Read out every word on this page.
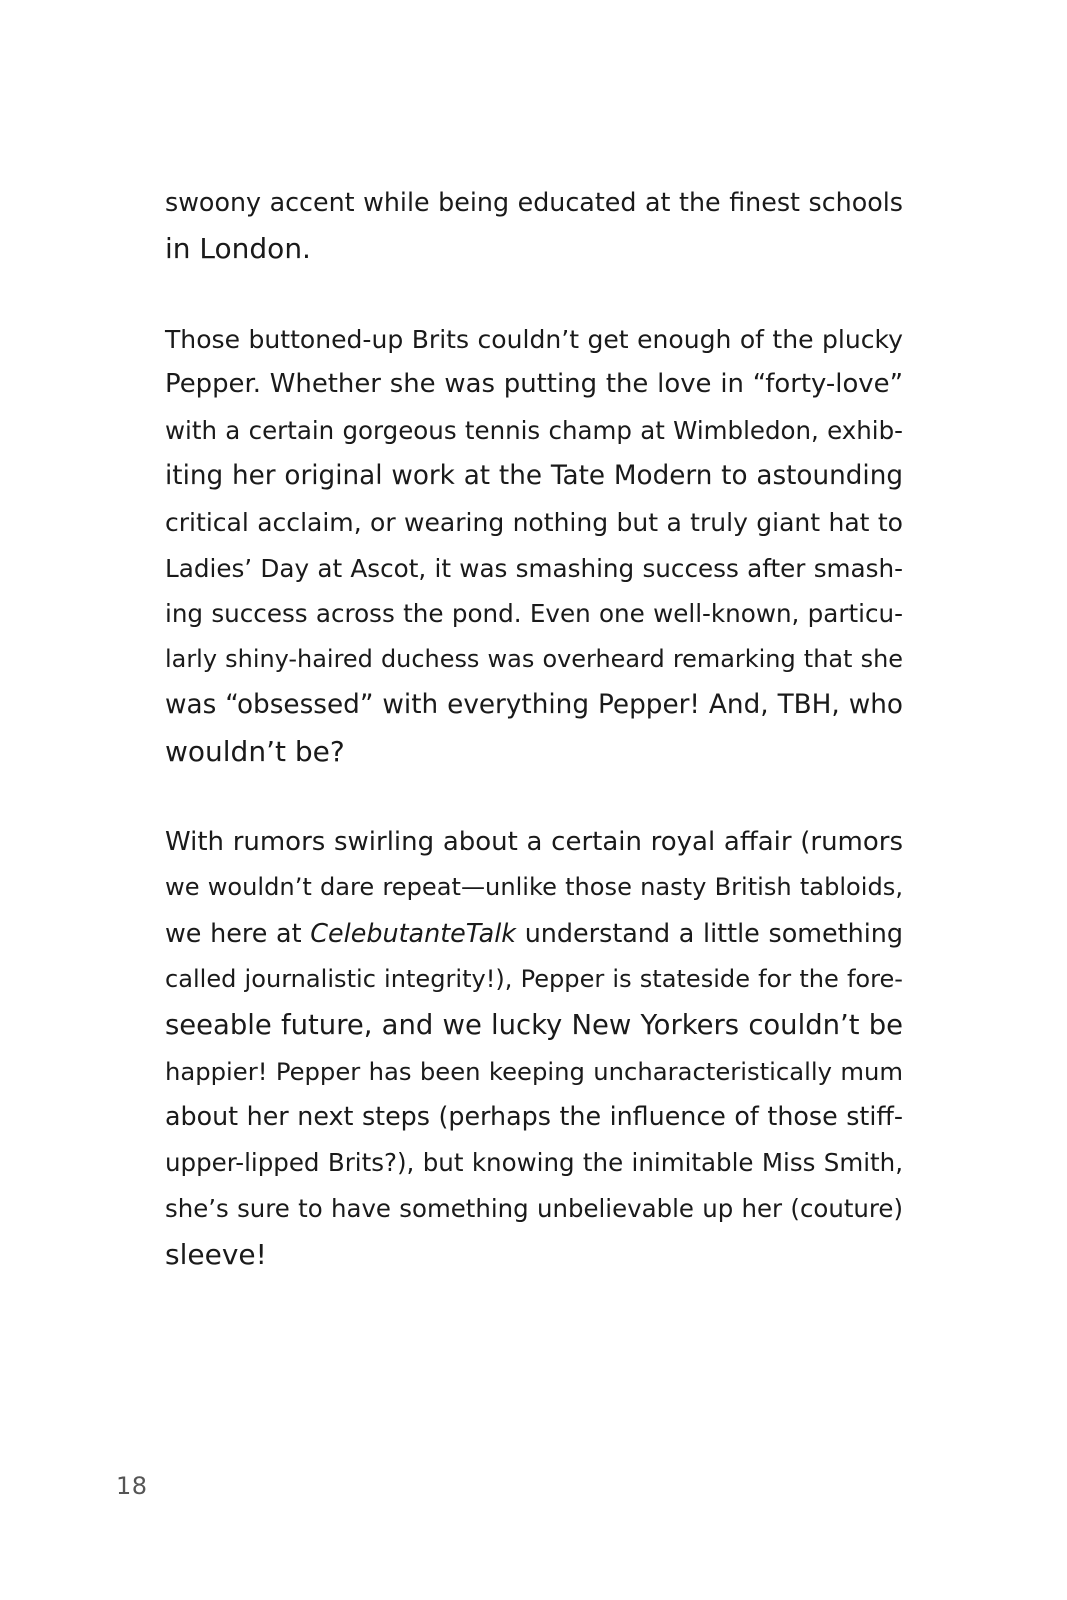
swoony accent while being educated at the finest schools
in London.

Those buttoned-up Brits couldn’t get enough of the plucky
Pepper. Whether she was putting the love in “forty-love”
with a certain gorgeous tennis champ at Wimbledon, exhib-
iting her original work at the Tate Modern to astounding
critical acclaim, or wearing nothing but a truly giant hat to
Ladies’ Day at Ascot, it was smashing success after smash-
ing success across the pond. Even one well-known, particu-
larly shiny-haired duchess was overheard remarking that she
was “obsessed” with everything Pepper! And, TBH, who
wouldn’t be?

With rumors swirling about a certain royal affair (rumors
we wouldn’t dare repeat—unlike those nasty British tabloids,
we here at CelebutanteTalk understand a little something
called journalistic integrity!), Pepper is stateside for the fore-
seeable future, and we lucky New Yorkers couldn’t be
happier! Pepper has been keeping uncharacteristically mum
about her next steps (perhaps the influence of those stiff-
upper-lipped Brits?), but knowing the inimitable Miss Smith,
she’s sure to have something unbelievable up her (couture)
sleeve!

18
